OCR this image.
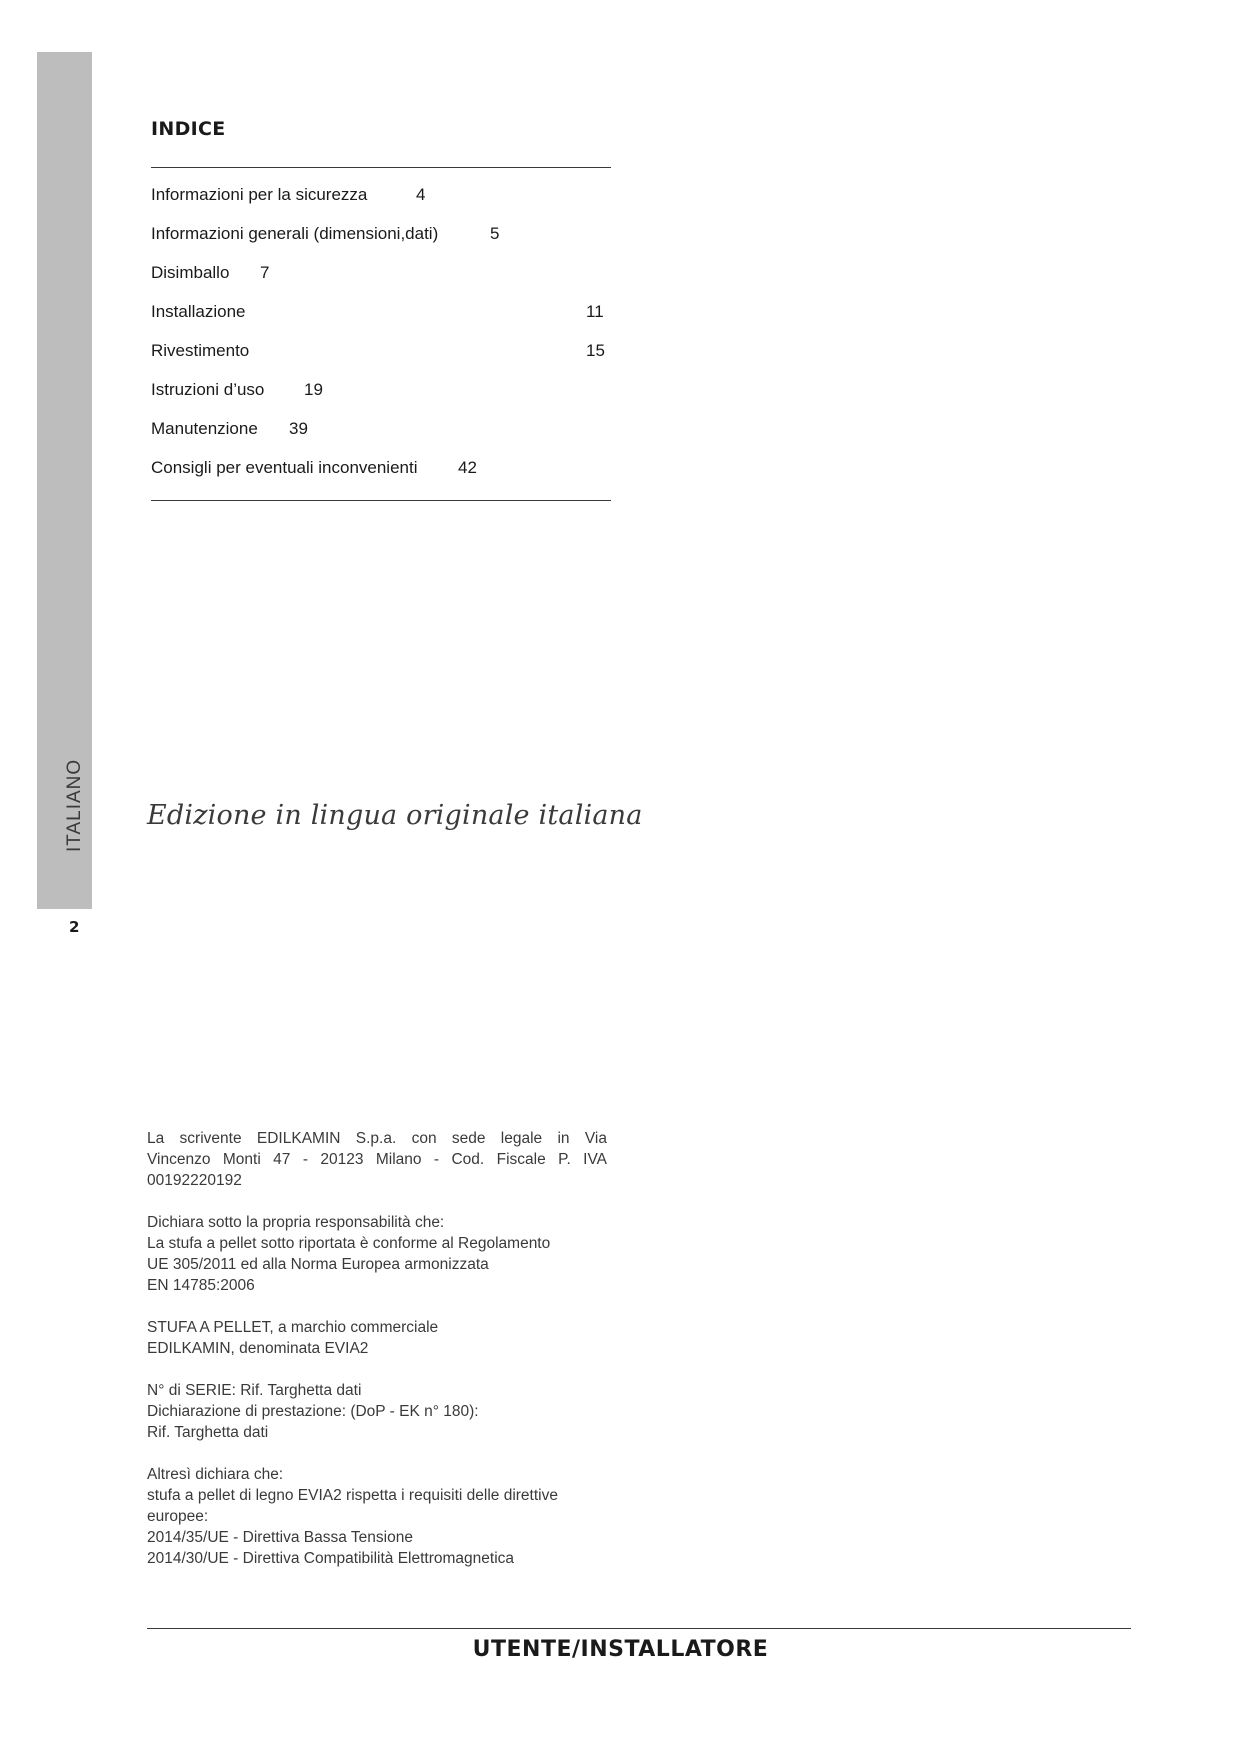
ITALIANO
2
INDICE
Informazioni per la sicurezza	4
Informazioni generali (dimensioni,dati)	5
Disimballo 7
Installazione	11
Rivestimento	15
Istruzioni d’uso 19
Manutenzione 39
Consigli per eventuali inconvenienti 42
Edizione in lingua originale italiana

La scrivente EDILKAMIN S.p.a. con sede legale in Via
Vincenzo Monti 47 - 20123 Milano - Cod. Fiscale P. IVA
00192220192

Dichiara sotto la propria responsabilità che:
La stufa a pellet sotto riportata è conforme al Regolamento
UE 305/2011 ed alla Norma Europea armonizzata
EN 14785:2006

STUFA A PELLET, a marchio commerciale
EDILKAMIN, denominata EVIA2

N° di SERIE: Rif. Targhetta dati
Dichiarazione di prestazione: (DoP - EK n° 180):
Rif. Targhetta dati

Altresì dichiara che:
stufa a pellet di legno EVIA2 rispetta i requisiti delle direttive
europee:
2014/35/UE - Direttiva Bassa Tensione
2014/30/UE - Direttiva Compatibilità Elettromagnetica

UTENTE/INSTALLATORE
